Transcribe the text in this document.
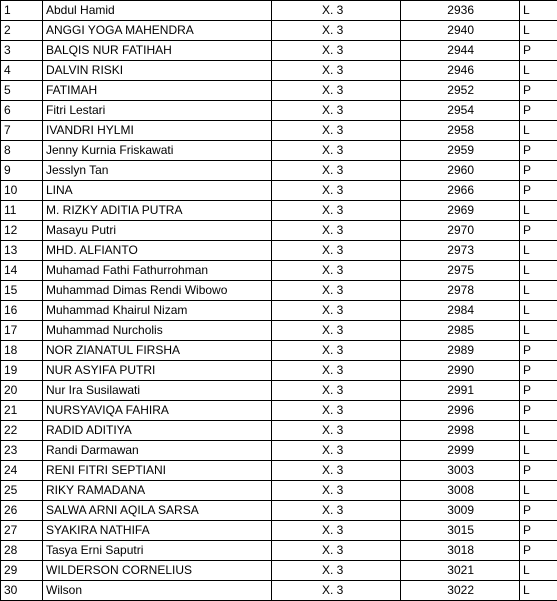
1	Abdul Hamid	X. 3	2936	L
2	ANGGI YOGA MAHENDRA	X. 3	2940	L
3	BALQIS NUR FATIHAH	X. 3	2944	P
4	DALVIN RISKI	X. 3	2946	L
5	FATIMAH	X. 3	2952	P
6	Fitri Lestari	X. 3	2954	P
7	IVANDRI HYLMI	X. 3	2958	L
8	Jenny Kurnia Friskawati	X. 3	2959	P
9	Jesslyn Tan	X. 3	2960	P
10	LINA	X. 3	2966	P
11	M. RIZKY ADITIA PUTRA	X. 3	2969	L
12	Masayu Putri	X. 3	2970	P
13	MHD. ALFIANTO	X. 3	2973	L
14	Muhamad Fathi Fathurrohman	X. 3	2975	L
15	Muhammad Dimas Rendi Wibowo	X. 3	2978	L
16	Muhammad Khairul Nizam	X. 3	2984	L
17	Muhammad Nurcholis	X. 3	2985	L
18	NOR ZIANATUL FIRSHA	X. 3	2989	P
19	NUR ASYIFA PUTRI	X. 3	2990	P
20	Nur Ira Susilawati	X. 3	2991	P
21	NURSYAVIQA FAHIRA	X. 3	2996	P
22	RADID ADITIYA	X. 3	2998	L
23	Randi Darmawan	X. 3	2999	L
24	RENI FITRI SEPTIANI	X. 3	3003	P
25	RIKY RAMADANA	X. 3	3008	L
26	SALWA ARNI AQILA SARSA	X. 3	3009	P
27	SYAKIRA NATHIFA	X. 3	3015	P
28	Tasya Erni Saputri	X. 3	3018	P
29	WILDERSON CORNELIUS	X. 3	3021	L
30	Wilson	X. 3	3022	L
